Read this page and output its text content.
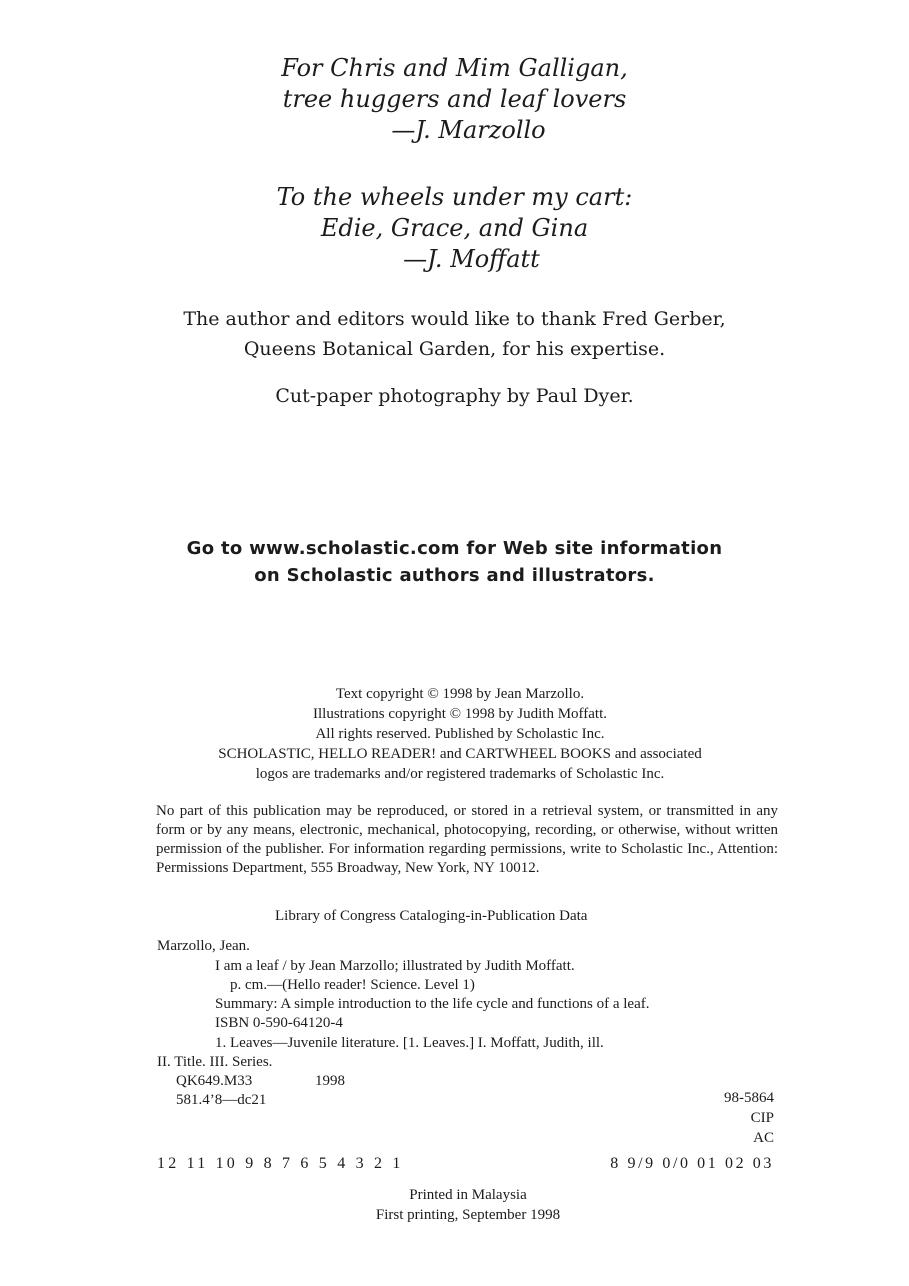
For Chris and Mim Galligan,
tree huggers and leaf lovers
—J. Marzollo
To the wheels under my cart:
Edie, Grace, and Gina
—J. Moffatt
The author and editors would like to thank Fred Gerber,
Queens Botanical Garden, for his expertise.
Cut-paper photography by Paul Dyer.
Go to www.scholastic.com for Web site information
on Scholastic authors and illustrators.
Text copyright © 1998 by Jean Marzollo.
Illustrations copyright © 1998 by Judith Moffatt.
All rights reserved. Published by Scholastic Inc.
SCHOLASTIC, HELLO READER! and CARTWHEEL BOOKS and associated
logos are trademarks and/or registered trademarks of Scholastic Inc.
No part of this publication may be reproduced, or stored in a retrieval system, or transmitted in any form or by any means, electronic, mechanical, photocopying, recording, or otherwise, without written permission of the publisher. For information regarding permissions, write to Scholastic Inc., Attention: Permissions Department, 555 Broadway, New York, NY 10012.
Library of Congress Cataloging-in-Publication Data
Marzollo, Jean.
I am a leaf / by Jean Marzollo; illustrated by Judith Moffatt.
p. cm.—(Hello reader! Science. Level 1)
Summary: A simple introduction to the life cycle and functions of a leaf.
ISBN 0-590-64120-4
1. Leaves—Juvenile literature. [1. Leaves.] I. Moffatt, Judith, ill.
II. Title. III. Series.
QK649.M33	1998
581.4’8—dc21	98-5864
CIP
AC
12 11 10 9 8 7 6 5 4 3 2 1	8 9/9 0/0 01 02 03
Printed in Malaysia
First printing, September 1998
